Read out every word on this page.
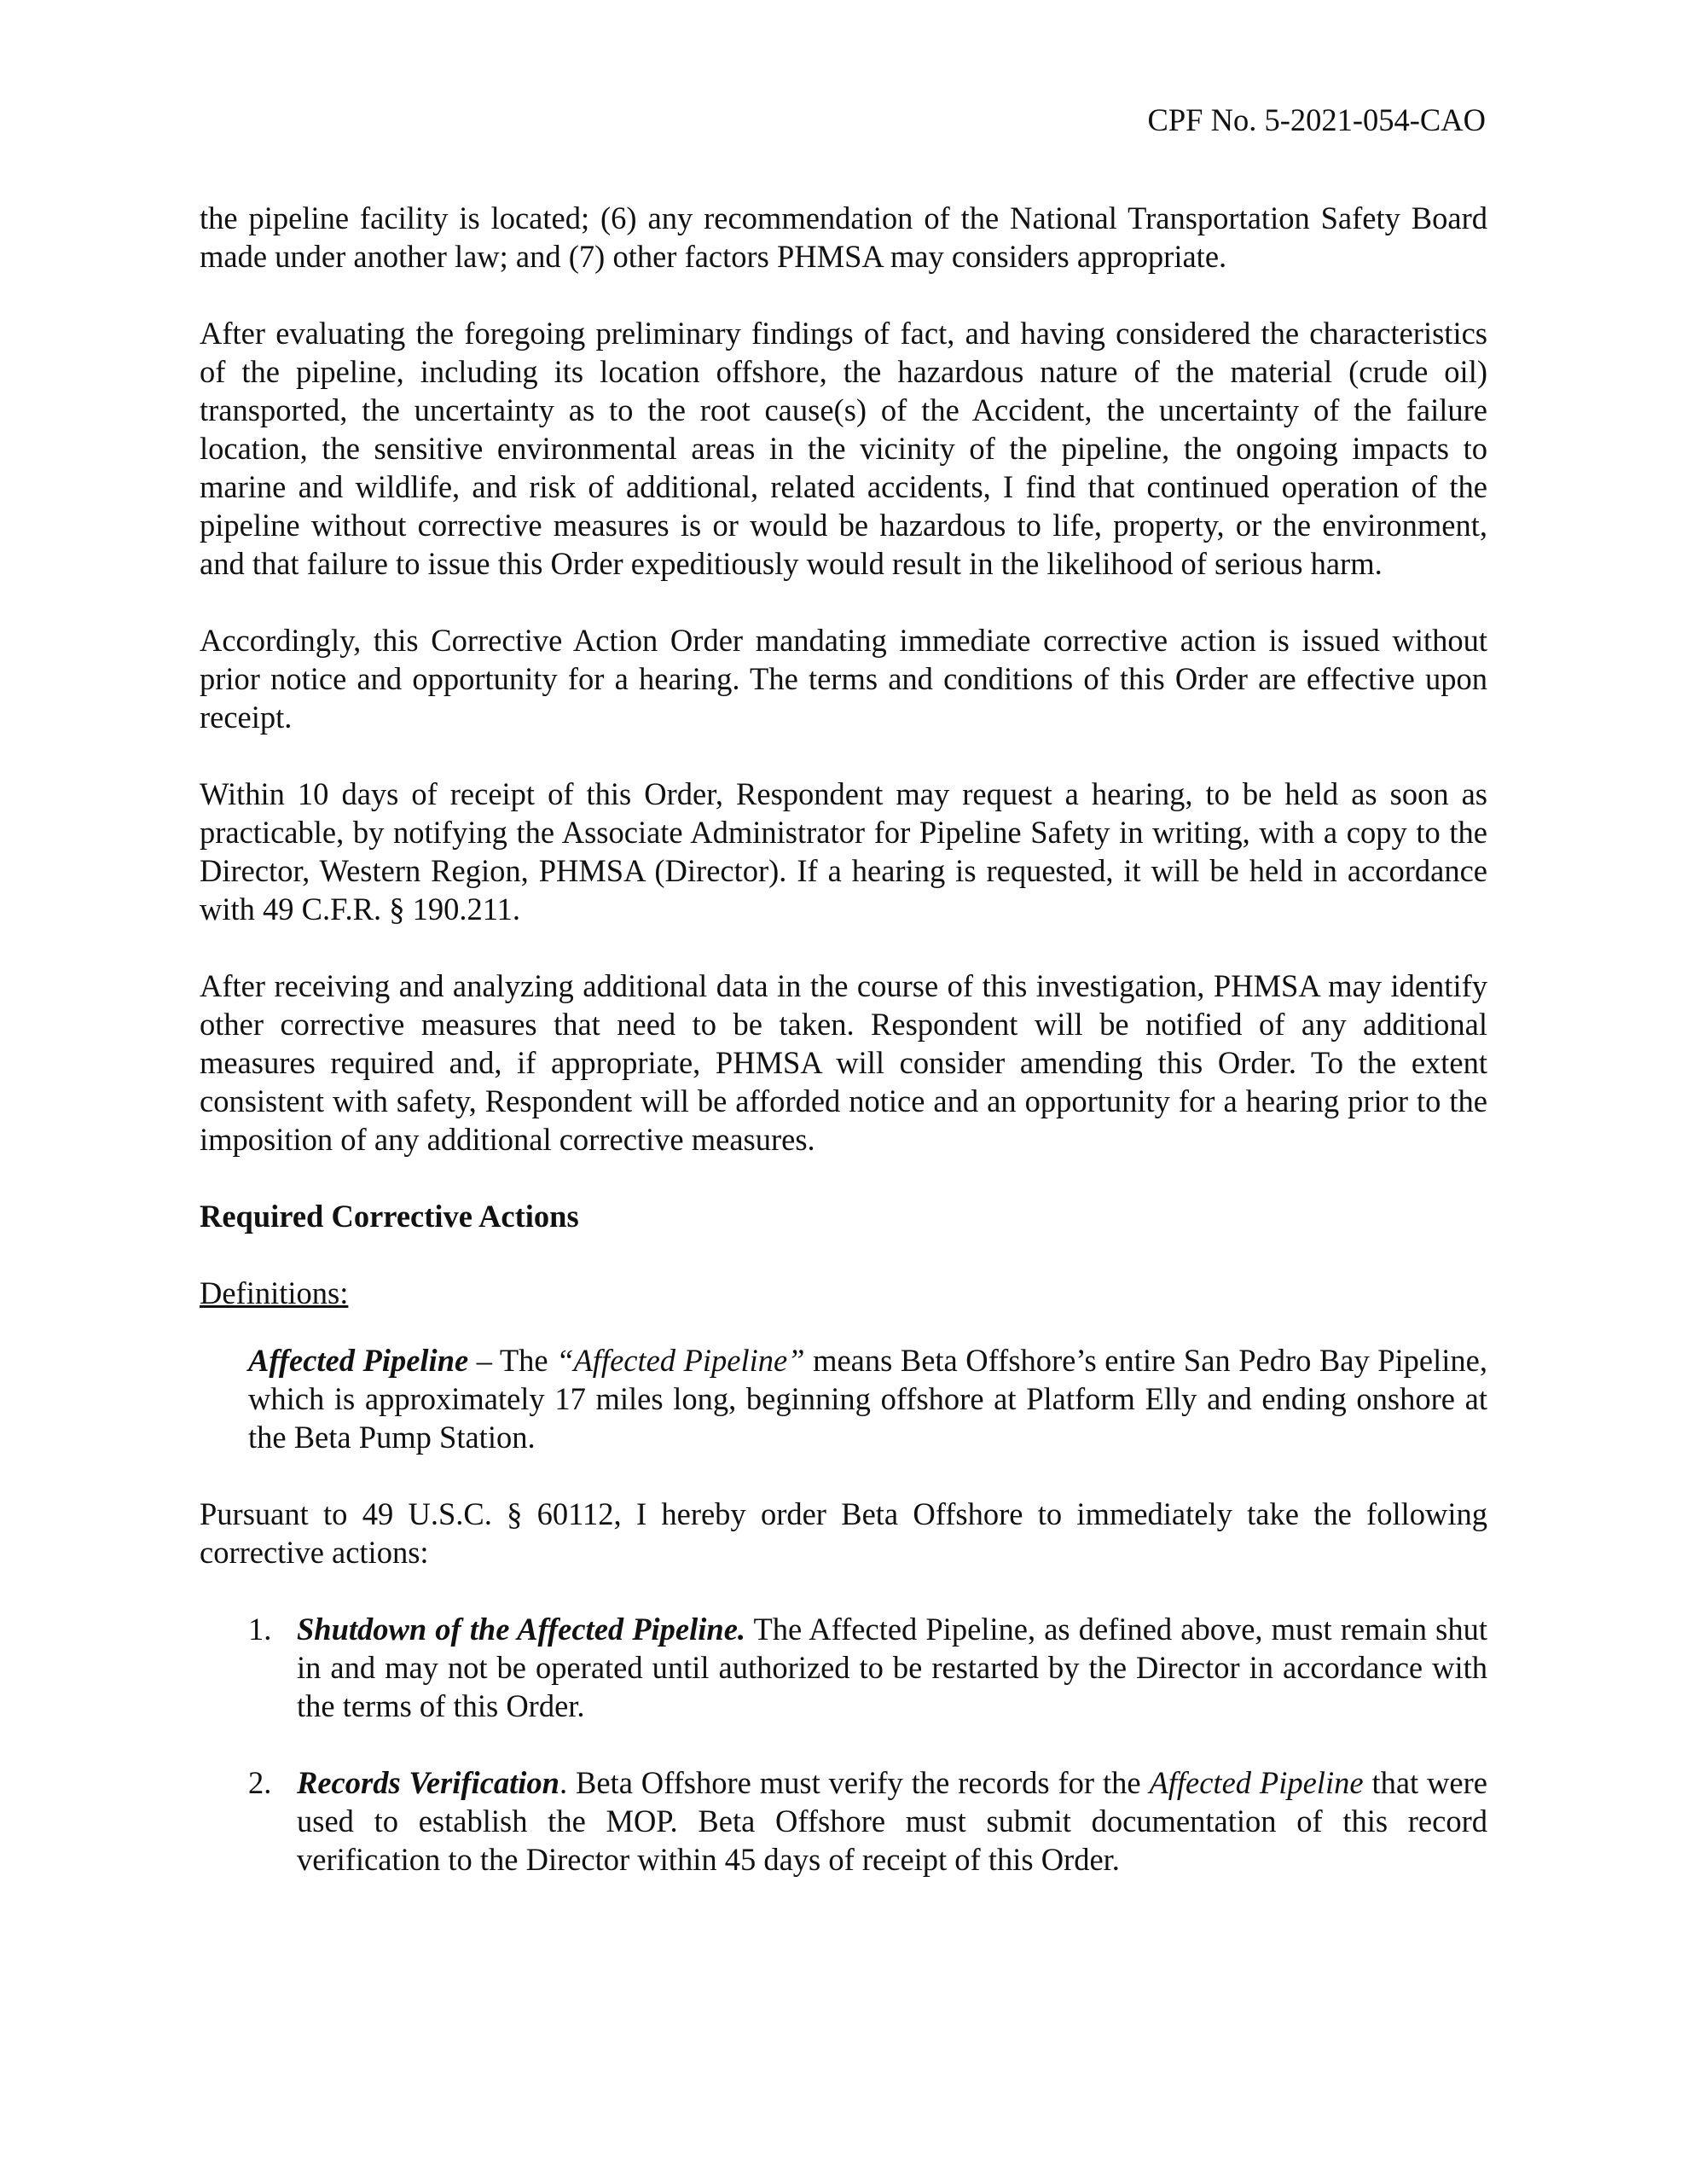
CPF No. 5-2021-054-CAO

the pipeline facility is located; (6) any recommendation of the National Transportation Safety Board made under another law; and (7) other factors PHMSA may considers appropriate.

After evaluating the foregoing preliminary findings of fact, and having considered the characteristics of the pipeline, including its location offshore, the hazardous nature of the material (crude oil) transported, the uncertainty as to the root cause(s) of the Accident, the uncertainty of the failure location, the sensitive environmental areas in the vicinity of the pipeline, the ongoing impacts to marine and wildlife, and risk of additional, related accidents, I find that continued operation of the pipeline without corrective measures is or would be hazardous to life, property, or the environment, and that failure to issue this Order expeditiously would result in the likelihood of serious harm.

Accordingly, this Corrective Action Order mandating immediate corrective action is issued without prior notice and opportunity for a hearing. The terms and conditions of this Order are effective upon receipt.

Within 10 days of receipt of this Order, Respondent may request a hearing, to be held as soon as practicable, by notifying the Associate Administrator for Pipeline Safety in writing, with a copy to the Director, Western Region, PHMSA (Director). If a hearing is requested, it will be held in accordance with 49 C.F.R. § 190.211.

After receiving and analyzing additional data in the course of this investigation, PHMSA may identify other corrective measures that need to be taken. Respondent will be notified of any additional measures required and, if appropriate, PHMSA will consider amending this Order. To the extent consistent with safety, Respondent will be afforded notice and an opportunity for a hearing prior to the imposition of any additional corrective measures.

Required Corrective Actions
Definitions:
Affected Pipeline – The “Affected Pipeline” means Beta Offshore’s entire San Pedro Bay Pipeline, which is approximately 17 miles long, beginning offshore at Platform Elly and ending onshore at the Beta Pump Station.

Pursuant to 49 U.S.C. § 60112, I hereby order Beta Offshore to immediately take the following corrective actions:

1. Shutdown of the Affected Pipeline. The Affected Pipeline, as defined above, must remain shut in and may not be operated until authorized to be restarted by the Director in accordance with the terms of this Order.
2. Records Verification. Beta Offshore must verify the records for the Affected Pipeline that were used to establish the MOP. Beta Offshore must submit documentation of this record verification to the Director within 45 days of receipt of this Order.
